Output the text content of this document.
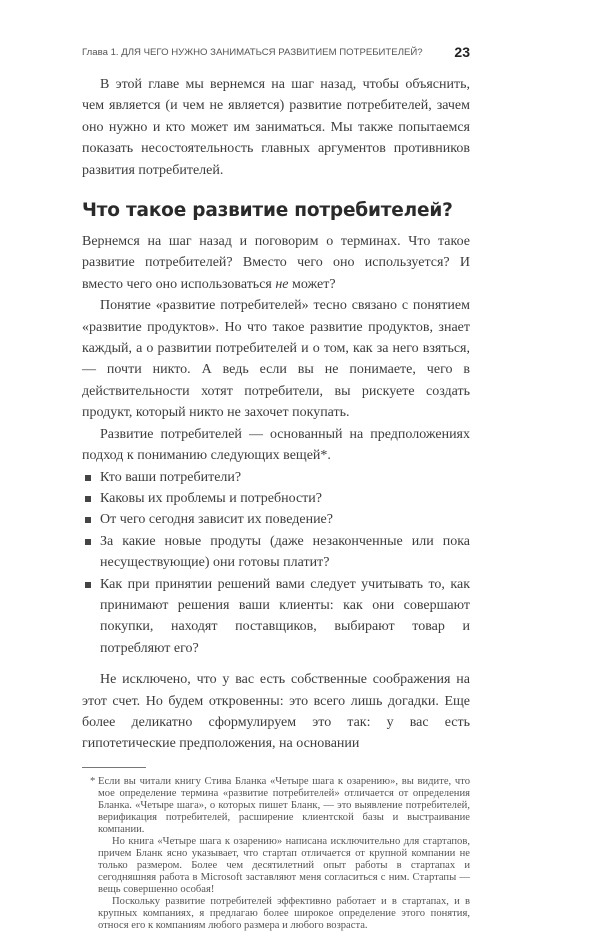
Глава 1. ДЛЯ ЧЕГО НУЖНО ЗАНИМАТЬСЯ РАЗВИТИЕМ ПОТРЕБИТЕЛЕЙ? 23

В этой главе мы вернемся на шаг назад, чтобы объяснить, чем является (и чем не является) развитие потребителей, зачем оно нужно и кто может им заниматься. Мы также попытаемся показать несостоятельность главных аргументов противников развития потребителей.

Что такое развитие потребителей?

Вернемся на шаг назад и поговорим о терминах. Что такое развитие потребителей? Вместо чего оно используется? И вместо чего оно использоваться не может?

Понятие «развитие потребителей» тесно связано с понятием «развитие продуктов». Но что такое развитие продуктов, знает каждый, а о развитии потребителей и о том, как за него взяться, — почти никто. А ведь если вы не понимаете, чего в действительности хотят потребители, вы рискуете создать продукт, который никто не захочет покупать.

Развитие потребителей — основанный на предположениях подход к пониманию следующих вещей*.

Кто ваши потребители?
Каковы их проблемы и потребности?
От чего сегодня зависит их поведение?
За какие новые продуты (даже незаконченные или пока несуществующие) они готовы платит?
Как при принятии решений вами следует учитывать то, как принимают решения ваши клиенты: как они совершают покупки, находят поставщиков, выбирают товар и потребляют его?

Не исключено, что у вас есть собственные соображения на этот счет. Но будем откровенны: это всего лишь догадки. Еще более деликатно сформулируем это так: у вас есть гипотетические предположения, на основании

* Если вы читали книгу Стива Бланка «Четыре шага к озарению», вы видите, что мое определение термина «развитие потребителей» отличается от определения Бланка. «Четыре шага», о которых пишет Бланк, — это выявление потребителей, верификация потребителей, расширение клиентской базы и выстраивание компании.

Но книга «Четыре шага к озарению» написана исключительно для стартапов, причем Бланк ясно указывает, что стартап отличается от крупной компании не только размером. Более чем десятилетний опыт работы в стартапах и сегодняшняя работа в Microsoft заставляют меня согласиться с ним. Стартапы — вещь совершенно особая!

Поскольку развитие потребителей эффективно работает и в стартапах, и в крупных компаниях, я предлагаю более широкое определение этого понятия, относя его к компаниям любого размера и любого возраста.
